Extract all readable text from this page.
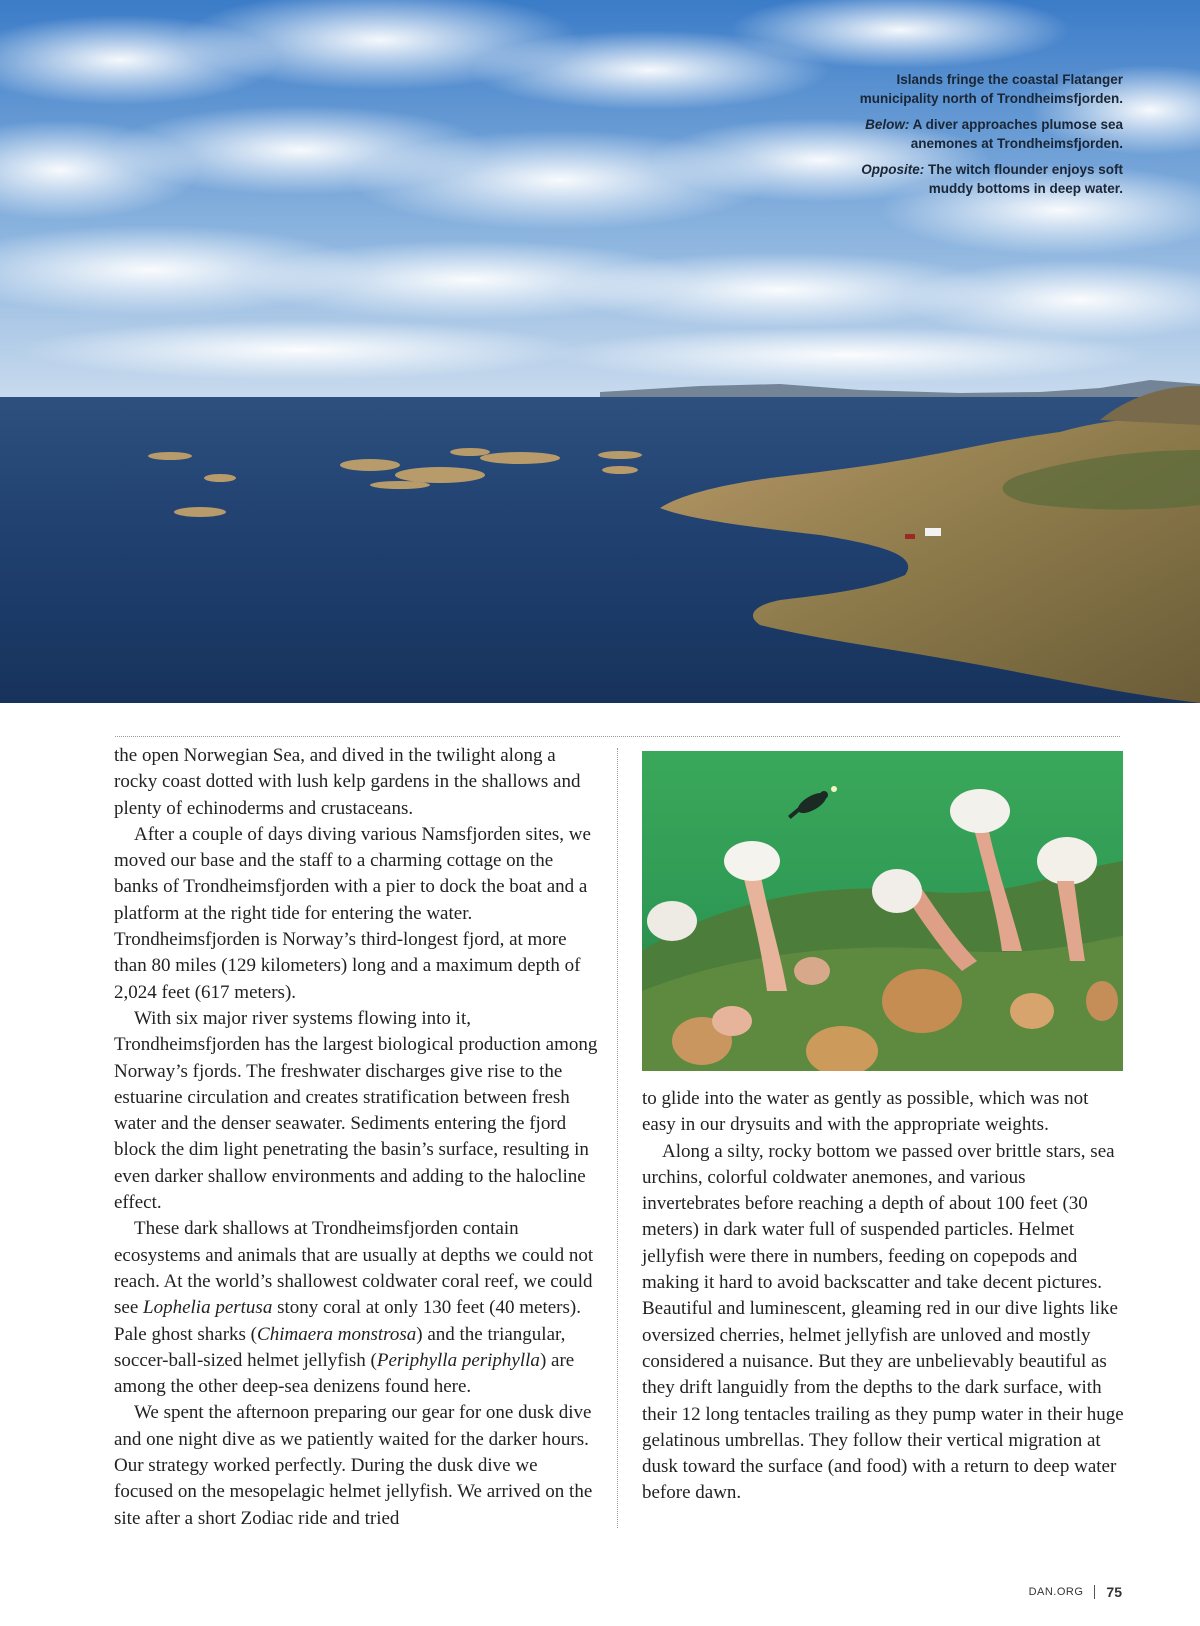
Islands fringe the coastal Flatanger municipality north of Trondheimsfjorden.

Below: A diver approaches plumose sea anemones at Trondheimsfjorden.

Opposite: The witch flounder enjoys soft muddy bottoms in deep water.

the open Norwegian Sea, and dived in the twilight along a rocky coast dotted with lush kelp gardens in the shallows and plenty of echinoderms and crustaceans.

After a couple of days diving various Namsfjorden sites, we moved our base and the staff to a charming cottage on the banks of Trondheimsfjorden with a pier to dock the boat and a platform at the right tide for entering the water. Trondheimsfjorden is Norway’s third-longest fjord, at more than 80 miles (129 kilometers) long and a maximum depth of 2,024 feet (617 meters).

With six major river systems flowing into it, Trondheimsfjorden has the largest biological production among Norway’s fjords. The freshwater discharges give rise to the estuarine circulation and creates stratification between fresh water and the denser seawater. Sediments entering the fjord block the dim light penetrating the basin’s surface, resulting in even darker shallow environments and adding to the halocline effect.

These dark shallows at Trondheimsfjorden contain ecosystems and animals that are usually at depths we could not reach. At the world’s shallowest coldwater coral reef, we could see Lophelia pertusa stony coral at only 130 feet (40 meters). Pale ghost sharks (Chimaera monstrosa) and the triangular, soccer-ball-sized helmet jellyfish (Periphylla periphylla) are among the other deep-sea denizens found here.

We spent the afternoon preparing our gear for one dusk dive and one night dive as we patiently waited for the darker hours. Our strategy worked perfectly. During the dusk dive we focused on the mesopelagic helmet jellyfish. We arrived on the site after a short Zodiac ride and tried

to glide into the water as gently as possible, which was not easy in our drysuits and with the appropriate weights.

Along a silty, rocky bottom we passed over brittle stars, sea urchins, colorful coldwater anemones, and various invertebrates before reaching a depth of about 100 feet (30 meters) in dark water full of suspended particles. Helmet jellyfish were there in numbers, feeding on copepods and making it hard to avoid backscatter and take decent pictures. Beautiful and luminescent, gleaming red in our dive lights like oversized cherries, helmet jellyfish are unloved and mostly considered a nuisance. But they are unbelievably beautiful as they drift languidly from the depths to the dark surface, with their 12 long tentacles trailing as they pump water in their huge gelatinous umbrellas. They follow their vertical migration at dusk toward the surface (and food) with a return to deep water before dawn.

DAN.ORG 75
